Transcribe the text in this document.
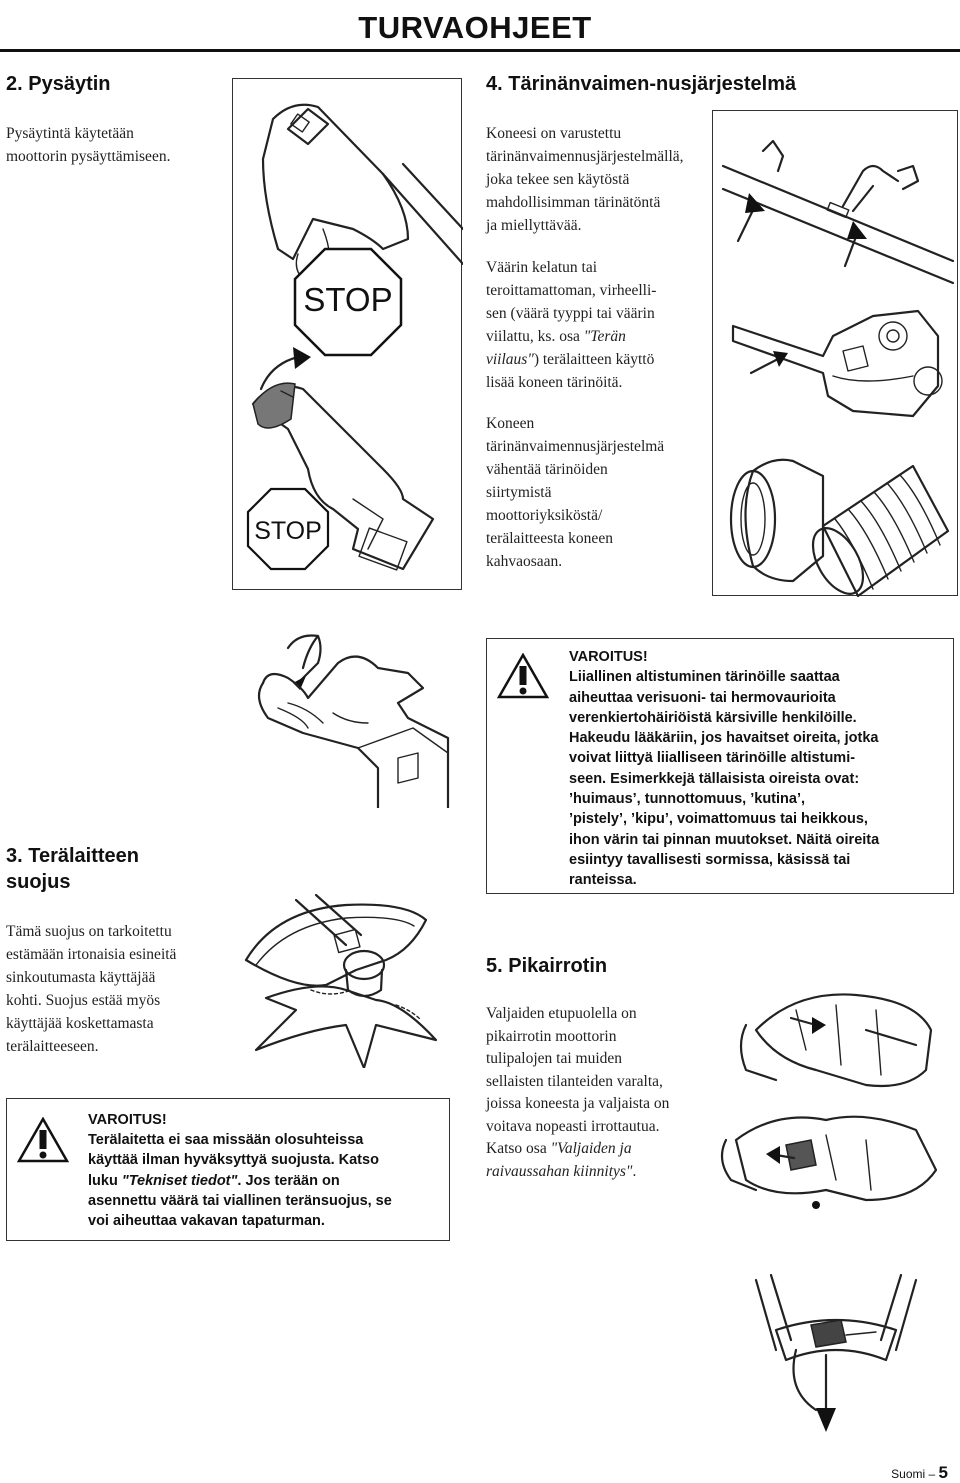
TURVAOHJEET
2. Pysäytin
Pysäytintä käytetään
moottorin pysäyttämiseen.
STOP
STOP
4. Tärinänvaimen-nusjärjestelmä
Koneesi on varustettu
tärinänvaimennusjärjestelmällä,
joka tekee sen käytöstä
mahdollisimman tärinätöntä
ja miellyttävää.
Väärin kelatun tai
teroittamattoman, virheelli-
sen (väärä tyyppi tai väärin
viilattu, ks. osa "Terän
viilaus") terälaitteen käyttö
lisää koneen tärinöitä.
Koneen
tärinänvaimennusjärjestelmä
vähentää tärinöiden
siirtymistä
moottoriyksiköstä/
terälaitteesta koneen
kahvaosaan.
3. Terälaitteen
suojus
VAROITUS!
Liiallinen altistuminen tärinöille saattaa
aiheuttaa verisuoni- tai hermovaurioita
verenkiertohäiriöistä kärsiville henkilöille.
Hakeudu lääkäriin, jos havaitset oireita, jotka
voivat liittyä liialliseen tärinöille altistumi-
seen. Esimerkkejä tällaisista oireista ovat:
’huimaus’, tunnottomuus, ’kutina’,
’pistely’, ’kipu’, voimattomuus tai heikkous,
ihon värin tai pinnan muutokset. Näitä oireita
esiintyy tavallisesti sormissa, käsissä tai
ranteissa.
Tämä suojus on tarkoitettu
estämään irtonaisia esineitä
sinkoutumasta käyttäjää
kohti. Suojus estää myös
käyttäjää koskettamasta
terälaitteeseen.
VAROITUS!
Terälaitetta ei saa missään olosuhteissa
käyttää ilman hyväksyttyä suojusta. Katso
luku "Tekniset tiedot". Jos terään on
asennettu väärä tai viallinen teränsuojus, se
voi aiheuttaa vakavan tapaturman.
5. Pikairrotin
Valjaiden etupuolella on
pikairrotin moottorin
tulipalojen tai muiden
sellaisten tilanteiden varalta,
joissa koneesta ja valjaista on
voitava nopeasti irrottautua.
Katso osa "Valjaiden ja
raivaussahan kiinnitys".
Suomi – 5
